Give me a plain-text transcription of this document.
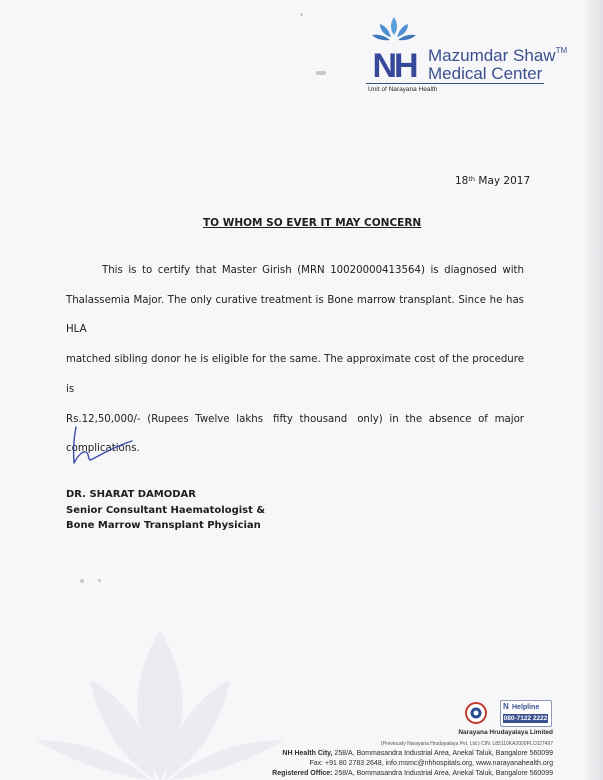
NH Mazumdar Shaw™
Medical Center
Unit of Narayana Health
18th May 2017
TO WHOM SO EVER IT MAY CONCERN
This is to certify that Master Girish (MRN 10020000413564) is diagnosed with
Thalassemia Major. The only curative treatment is Bone marrow transplant. Since he has HLA
matched sibling donor he is eligible for the same. The approximate cost of the procedure is
Rs.12,50,000/-  (Rupees  Twelve  lakhs   fifty  thousand   only)  in  the  absence  of  major
complications.
DR. SHARAT DAMODAR
Senior Consultant Haematologist &
Bone Marrow Transplant Physician
N Helpline
080-7122 2222
Narayana Hrudayalaya Limited
(Previously Narayana Hrudayalaya Pvt. Ltd.) CIN: L85110KA2000PLC027497
NH Health City, 258/A, Bommasandra Industrial Area, Anekal Taluk, Bangalore 560099
Fax: +91 80 2783 2648, info.msmc@nhhospitals.org, www.narayanahealth.org
Registered Office: 258/A, Bommasandra Industrial Area, Anekal Taluk, Bangalore 560099
